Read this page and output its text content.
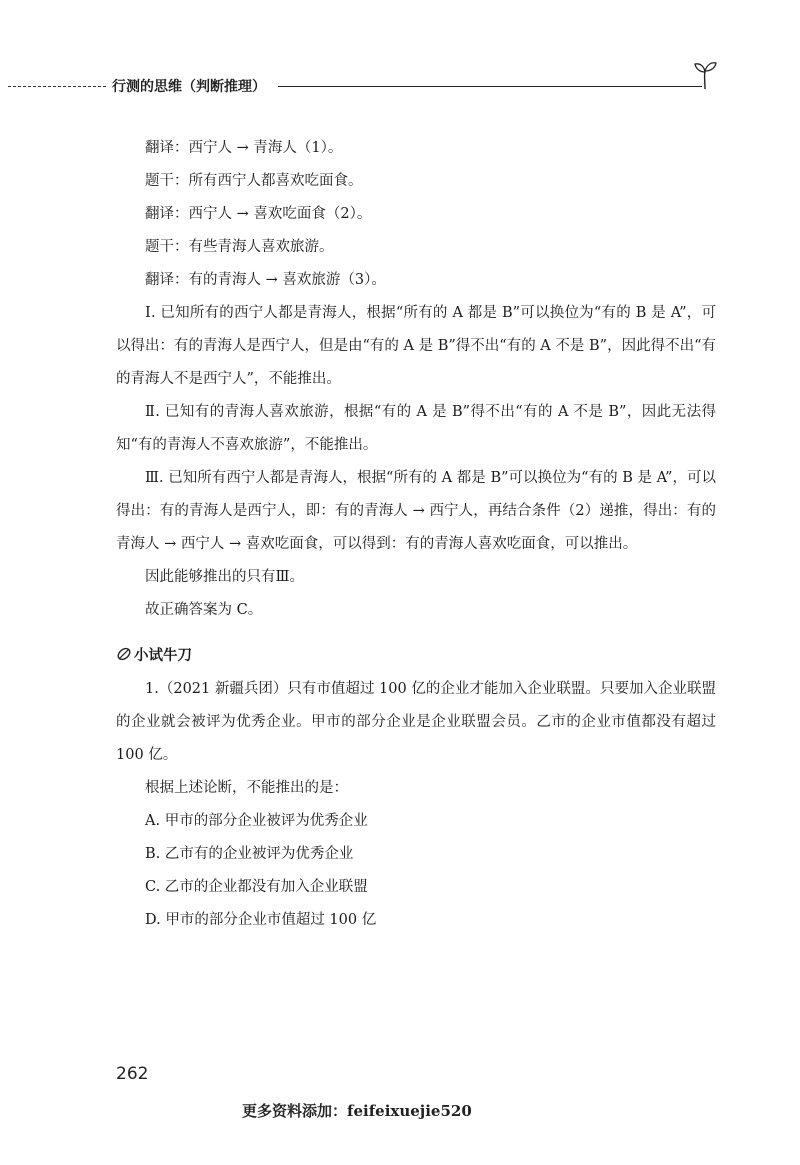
行测的思维（判断推理）
翻译：西宁人 → 青海人（1）。
题干：所有西宁人都喜欢吃面食。
翻译：西宁人 → 喜欢吃面食（2）。
题干：有些青海人喜欢旅游。
翻译：有的青海人 → 喜欢旅游（3）。
Ⅰ. 已知所有的西宁人都是青海人，根据“所有的 A 都是 B”可以换位为“有的 B 是 A”，可以得出：有的青海人是西宁人，但是由“有的 A 是 B”得不出“有的 A 不是 B”，因此得不出“有的青海人不是西宁人”，不能推出。
Ⅱ. 已知有的青海人喜欢旅游，根据“有的 A 是 B”得不出“有的 A 不是 B”，因此无法得知“有的青海人不喜欢旅游”，不能推出。
Ⅲ. 已知所有西宁人都是青海人，根据“所有的 A 都是 B”可以换位为“有的 B 是 A”，可以得出：有的青海人是西宁人，即：有的青海人 → 西宁人，再结合条件（2）递推，得出：有的青海人 → 西宁人 → 喜欢吃面食，可以得到：有的青海人喜欢吃面食，可以推出。
因此能够推出的只有Ⅲ。
故正确答案为 C。
小试牛刀
1.（2021 新疆兵团）只有市值超过 100 亿的企业才能加入企业联盟。只要加入企业联盟的企业就会被评为优秀企业。甲市的部分企业是企业联盟会员。乙市的企业市值都没有超过 100 亿。
根据上述论断，不能推出的是：
A. 甲市的部分企业被评为优秀企业
B. 乙市有的企业被评为优秀企业
C. 乙市的企业都没有加入企业联盟
D. 甲市的部分企业市值超过 100 亿
262
更多资料添加：feifeixuejie520
